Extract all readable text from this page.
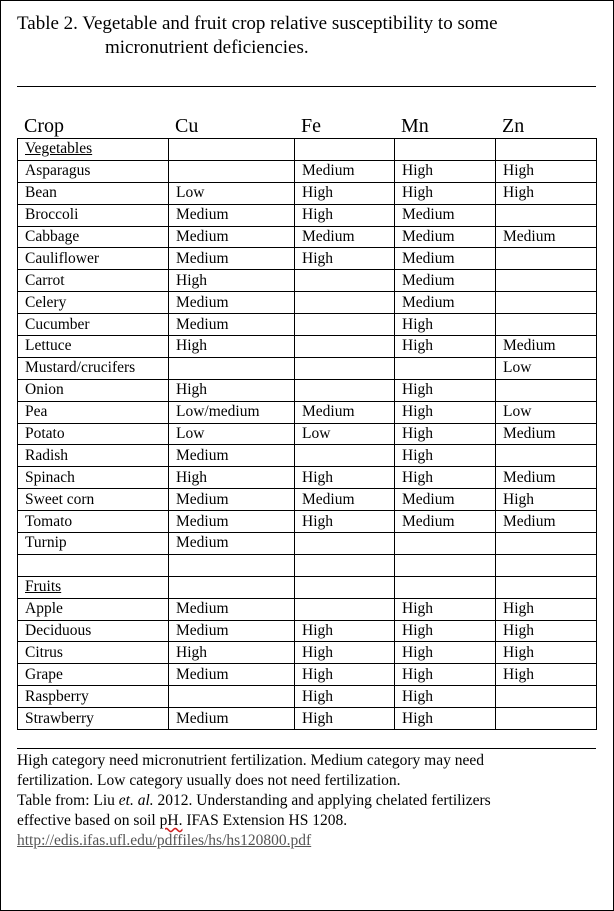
Table 2. Vegetable and fruit crop relative susceptibility to some
micronutrient deficiencies.
Crop	Cu	Fe	Mn	Zn
Vegetables				
Asparagus		Medium	High	High
Bean	Low	High	High	High
Broccoli	Medium	High	Medium	
Cabbage	Medium	Medium	Medium	Medium
Cauliflower	Medium	High	Medium	
Carrot	High		Medium	
Celery	Medium		Medium	
Cucumber	Medium		High	
Lettuce	High		High	Medium
Mustard/crucifers				Low
Onion	High		High	
Pea	Low/medium	Medium	High	Low
Potato	Low	Low	High	Medium
Radish	Medium		High	
Spinach	High	High	High	Medium
Sweet corn	Medium	Medium	Medium	High
Tomato	Medium	High	Medium	Medium
Turnip	Medium			

Fruits				
Apple	Medium		High	High
Deciduous	Medium	High	High	High
Citrus	High	High	High	High
Grape	Medium	High	High	High
Raspberry		High	High	
Strawberry	Medium	High	High	
High category need micronutrient fertilization. Medium category may need
fertilization. Low category usually does not need fertilization.
Table from: Liu et. al. 2012. Understanding and applying chelated fertilizers
effective based on soil pH. IFAS Extension HS 1208.
http://edis.ifas.ufl.edu/pdffiles/hs/hs120800.pdf
